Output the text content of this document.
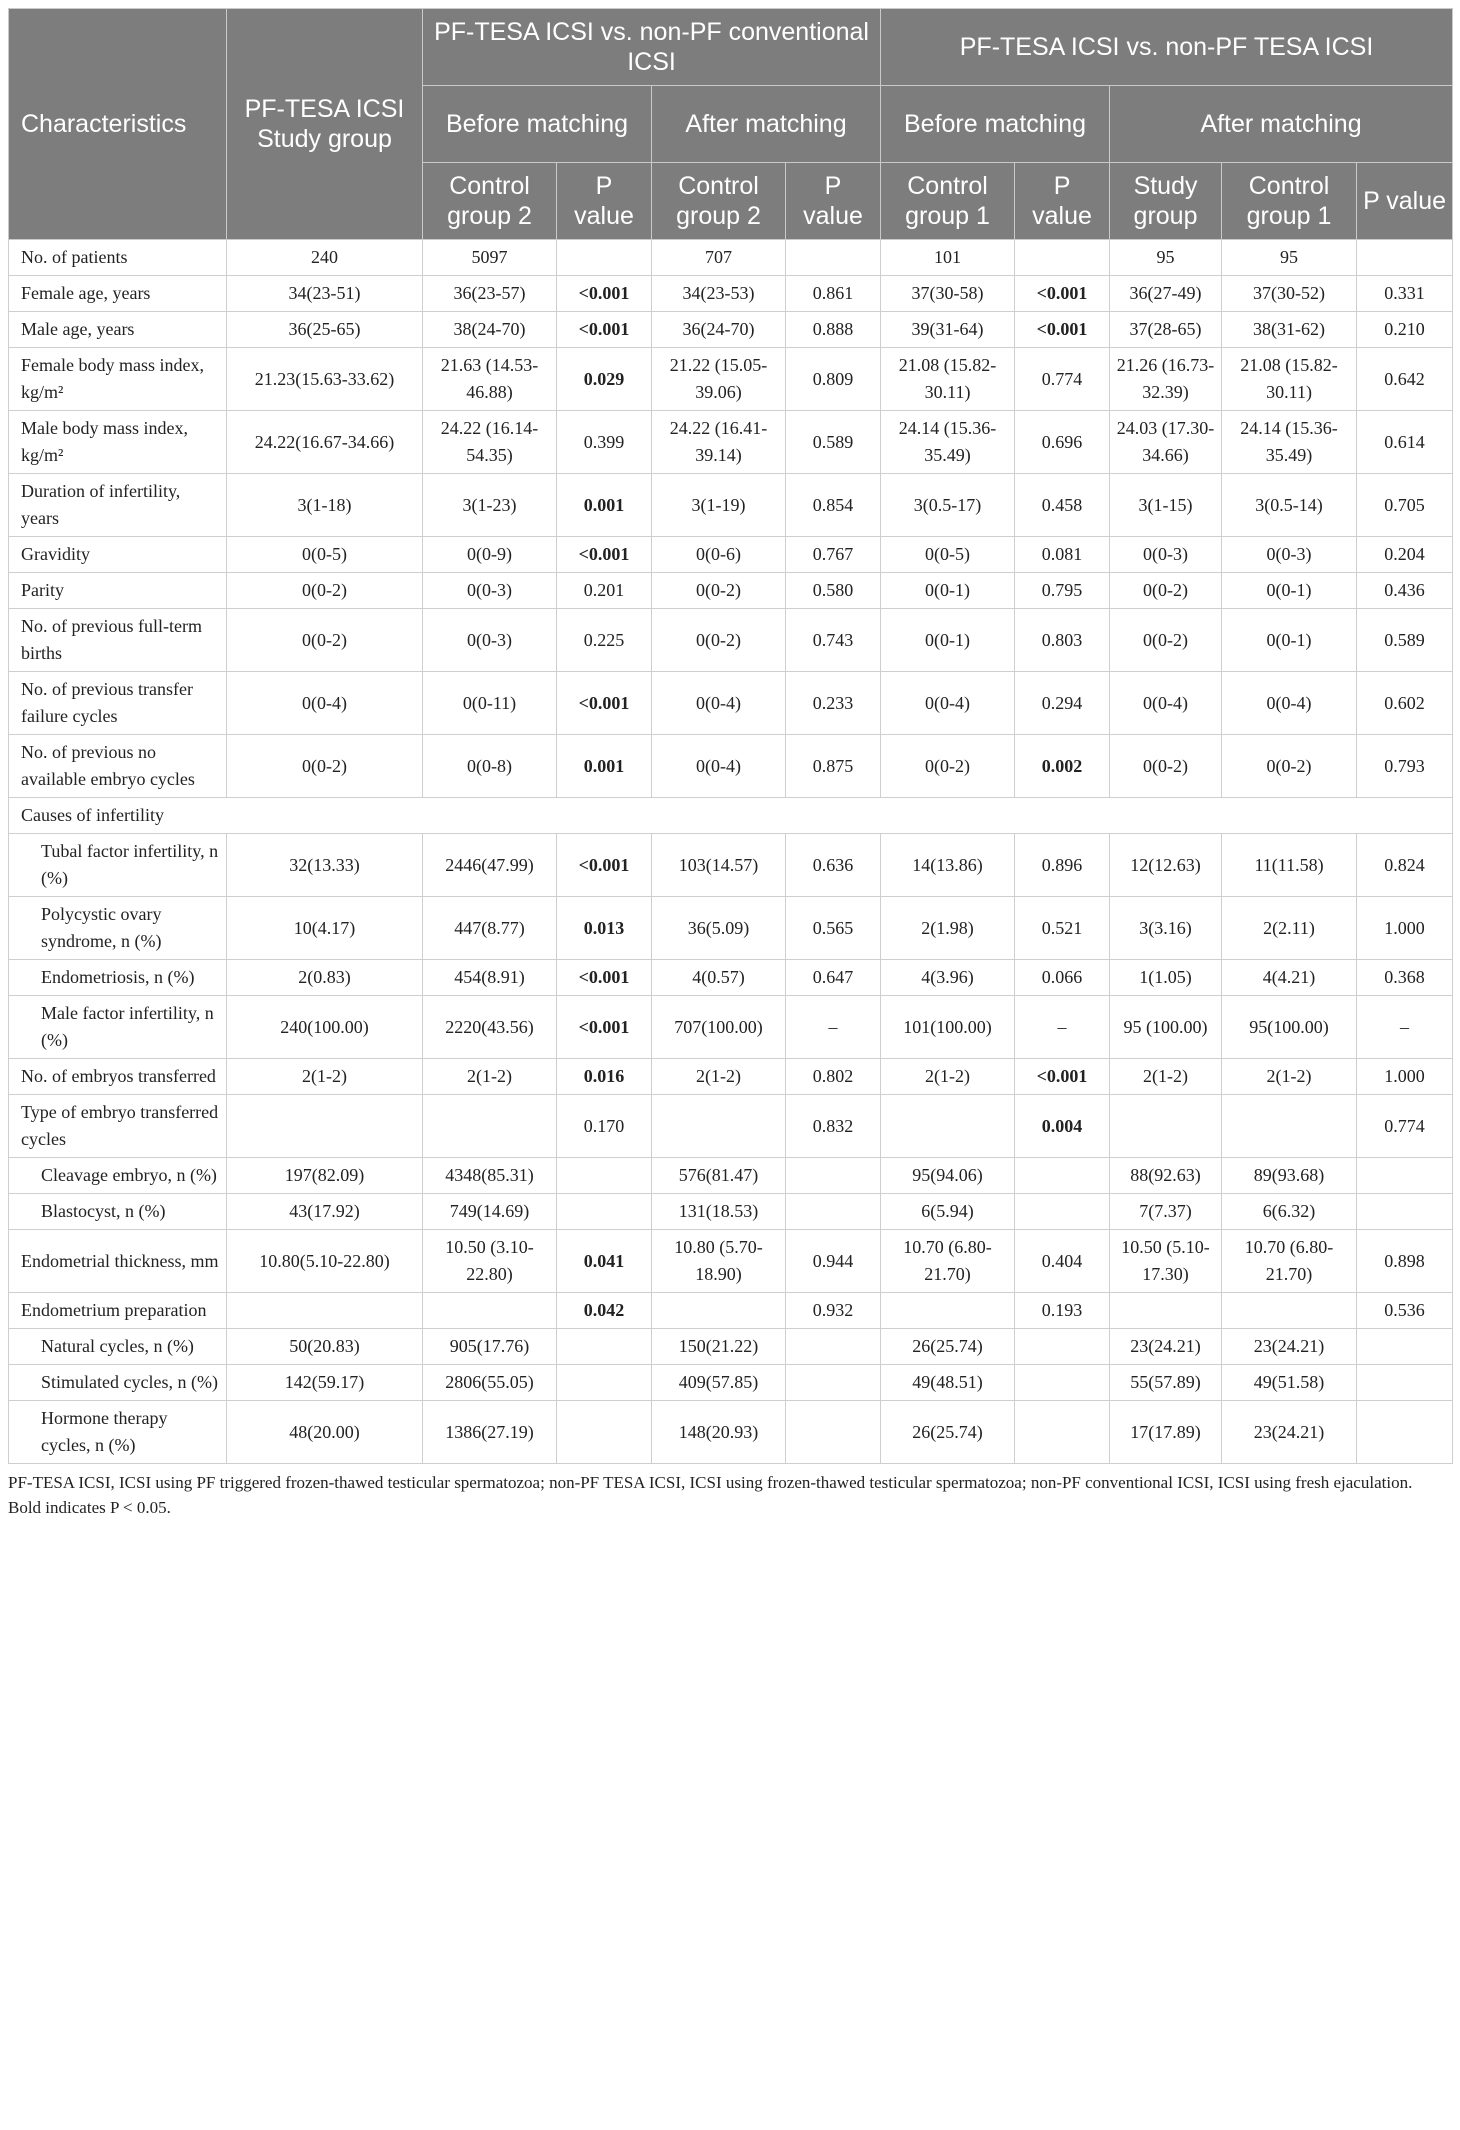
Characteristics	PF-TESA ICSI Study group	PF-TESA ICSI vs. non-PF conventional ICSI				PF-TESA ICSI vs. non-PF TESA ICSI				
		Before matching		After matching		Before matching		After matching		
		Control group 2	P value	Control group 2	P value	Control group 1	P value	Study group	Control group 1	P value
No. of patients	240	5097		707		101		95	95	
Female age, years	34(23-51)	36(23-57)	<0.001	34(23-53)	0.861	37(30-58)	<0.001	36(27-49)	37(30-52)	0.331
Male age, years	36(25-65)	38(24-70)	<0.001	36(24-70)	0.888	39(31-64)	<0.001	37(28-65)	38(31-62)	0.210
Female body mass index, kg/m²	21.23(15.63-33.62)	21.63 (14.53-46.88)	0.029	21.22 (15.05-39.06)	0.809	21.08 (15.82-30.11)	0.774	21.26 (16.73-32.39)	21.08 (15.82-30.11)	0.642
Male body mass index, kg/m²	24.22(16.67-34.66)	24.22 (16.14-54.35)	0.399	24.22 (16.41-39.14)	0.589	24.14 (15.36-35.49)	0.696	24.03 (17.30-34.66)	24.14 (15.36-35.49)	0.614
Duration of infertility, years	3(1-18)	3(1-23)	0.001	3(1-19)	0.854	3(0.5-17)	0.458	3(1-15)	3(0.5-14)	0.705
Gravidity	0(0-5)	0(0-9)	<0.001	0(0-6)	0.767	0(0-5)	0.081	0(0-3)	0(0-3)	0.204
Parity	0(0-2)	0(0-3)	0.201	0(0-2)	0.580	0(0-1)	0.795	0(0-2)	0(0-1)	0.436
No. of previous full-term births	0(0-2)	0(0-3)	0.225	0(0-2)	0.743	0(0-1)	0.803	0(0-2)	0(0-1)	0.589
No. of previous transfer failure cycles	0(0-4)	0(0-11)	<0.001	0(0-4)	0.233	0(0-4)	0.294	0(0-4)	0(0-4)	0.602
No. of previous no available embryo cycles	0(0-2)	0(0-8)	0.001	0(0-4)	0.875	0(0-2)	0.002	0(0-2)	0(0-2)	0.793
Causes of infertility										
Tubal factor infertility, n (%)	32(13.33)	2446(47.99)	<0.001	103(14.57)	0.636	14(13.86)	0.896	12(12.63)	11(11.58)	0.824
Polycystic ovary syndrome, n (%)	10(4.17)	447(8.77)	0.013	36(5.09)	0.565	2(1.98)	0.521	3(3.16)	2(2.11)	1.000
Endometriosis, n (%)	2(0.83)	454(8.91)	<0.001	4(0.57)	0.647	4(3.96)	0.066	1(1.05)	4(4.21)	0.368
Male factor infertility, n (%)	240(100.00)	2220(43.56)	<0.001	707(100.00)	–	101(100.00)	–	95 (100.00)	95(100.00)	–
No. of embryos transferred	2(1-2)	2(1-2)	0.016	2(1-2)	0.802	2(1-2)	<0.001	2(1-2)	2(1-2)	1.000
Type of embryo transferred cycles			0.170		0.832		0.004			0.774
Cleavage embryo, n (%)	197(82.09)	4348(85.31)		576(81.47)		95(94.06)		88(92.63)	89(93.68)	
Blastocyst, n (%)	43(17.92)	749(14.69)		131(18.53)		6(5.94)		7(7.37)	6(6.32)	
Endometrial thickness, mm	10.80(5.10-22.80)	10.50 (3.10-22.80)	0.041	10.80 (5.70-18.90)	0.944	10.70 (6.80-21.70)	0.404	10.50 (5.10-17.30)	10.70 (6.80-21.70)	0.898
Endometrium preparation			0.042		0.932		0.193			0.536
Natural cycles, n (%)	50(20.83)	905(17.76)		150(21.22)		26(25.74)		23(24.21)	23(24.21)	
Stimulated cycles, n (%)	142(59.17)	2806(55.05)		409(57.85)		49(48.51)		55(57.89)	49(51.58)	
Hormone therapy cycles, n (%)	48(20.00)	1386(27.19)		148(20.93)		26(25.74)		17(17.89)	23(24.21)	
PF-TESA ICSI, ICSI using PF triggered frozen-thawed testicular spermatozoa; non-PF TESA ICSI, ICSI using frozen-thawed testicular spermatozoa; non-PF conventional ICSI, ICSI using fresh ejaculation. Bold indicates P < 0.05.
